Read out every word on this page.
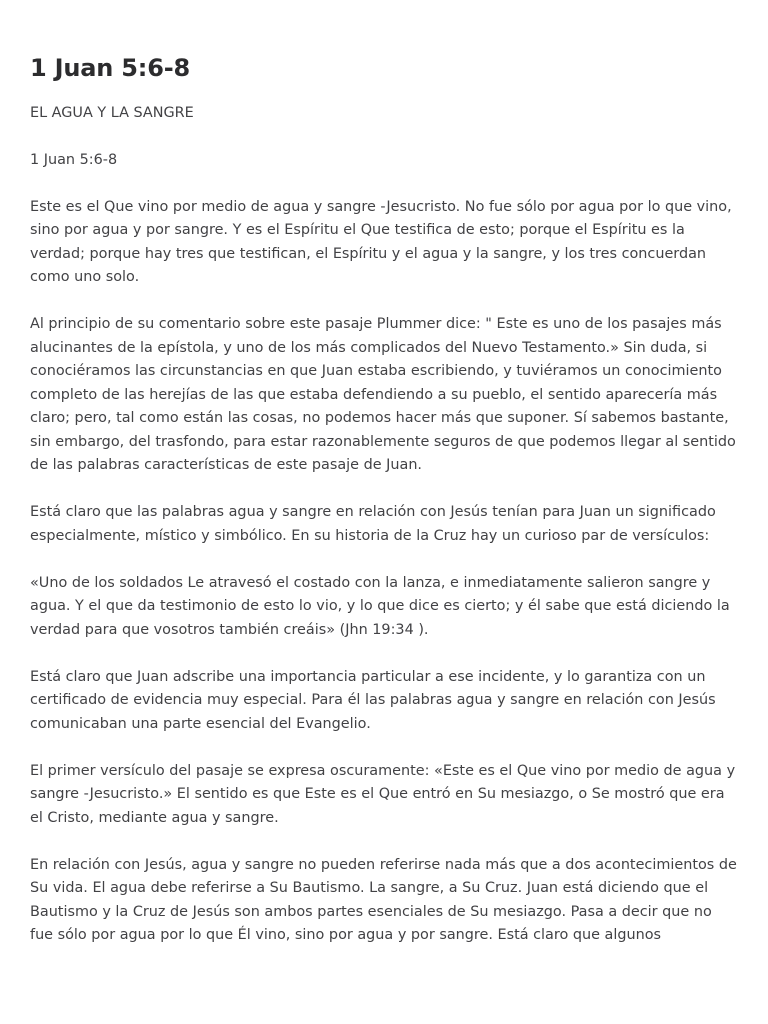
1 Juan 5:6-8

EL AGUA Y LA SANGRE

1 Juan 5:6-8

Este es el Que vino por medio de agua y sangre -Jesucristo. No fue sólo por agua por lo que vino, sino por agua y por sangre. Y es el Espíritu el Que testifica de esto; porque el Espíritu es la verdad; porque hay tres que testifican, el Espíritu y el agua y la sangre, y los tres concuerdan como uno solo.

Al principio de su comentario sobre este pasaje Plummer dice: " Este es uno de los pasajes más alucinantes de la epístola, y uno de los más complicados del Nuevo Testamento.» Sin duda, si conociéramos las circunstancias en que Juan estaba escribiendo, y tuviéramos un conocimiento completo de las herejías de las que estaba defendiendo a su pueblo, el sentido aparecería más claro; pero, tal como están las cosas, no podemos hacer más que suponer. Sí sabemos bastante, sin embargo, del trasfondo, para estar razonablemente seguros de que podemos llegar al sentido de las palabras características de este pasaje de Juan.

Está claro que las palabras agua y sangre en relación con Jesús tenían para Juan un significado especialmente, místico y simbólico. En su historia de la Cruz hay un curioso par de versículos:

«Uno de los soldados Le atravesó el costado con la lanza, e inmediatamente salieron sangre y agua. Y el que da testimonio de esto lo vio, y lo que dice es cierto; y él sabe que está diciendo la verdad para que vosotros también creáis» (Jhn 19:34 ).

Está claro que Juan adscribe una importancia particular a ese incidente, y lo garantiza con un certificado de evidencia muy especial. Para él las palabras agua y sangre en relación con Jesús comunicaban una parte esencial del Evangelio.

El primer versículo del pasaje se expresa oscuramente: «Este es el Que vino por medio de agua y sangre -Jesucristo.» El sentido es que Este es el Que entró en Su mesiazgo, o Se mostró que era el Cristo, mediante agua y sangre.

En relación con Jesús, agua y sangre no pueden referirse nada más que a dos acontecimientos de Su vida. El agua debe referirse a Su Bautismo. La sangre, a Su Cruz. Juan está diciendo que el Bautismo y la Cruz de Jesús son ambos partes esenciales de Su mesiazgo. Pasa a decir que no fue sólo por agua por lo que Él vino, sino por agua y por sangre. Está claro que algunos
